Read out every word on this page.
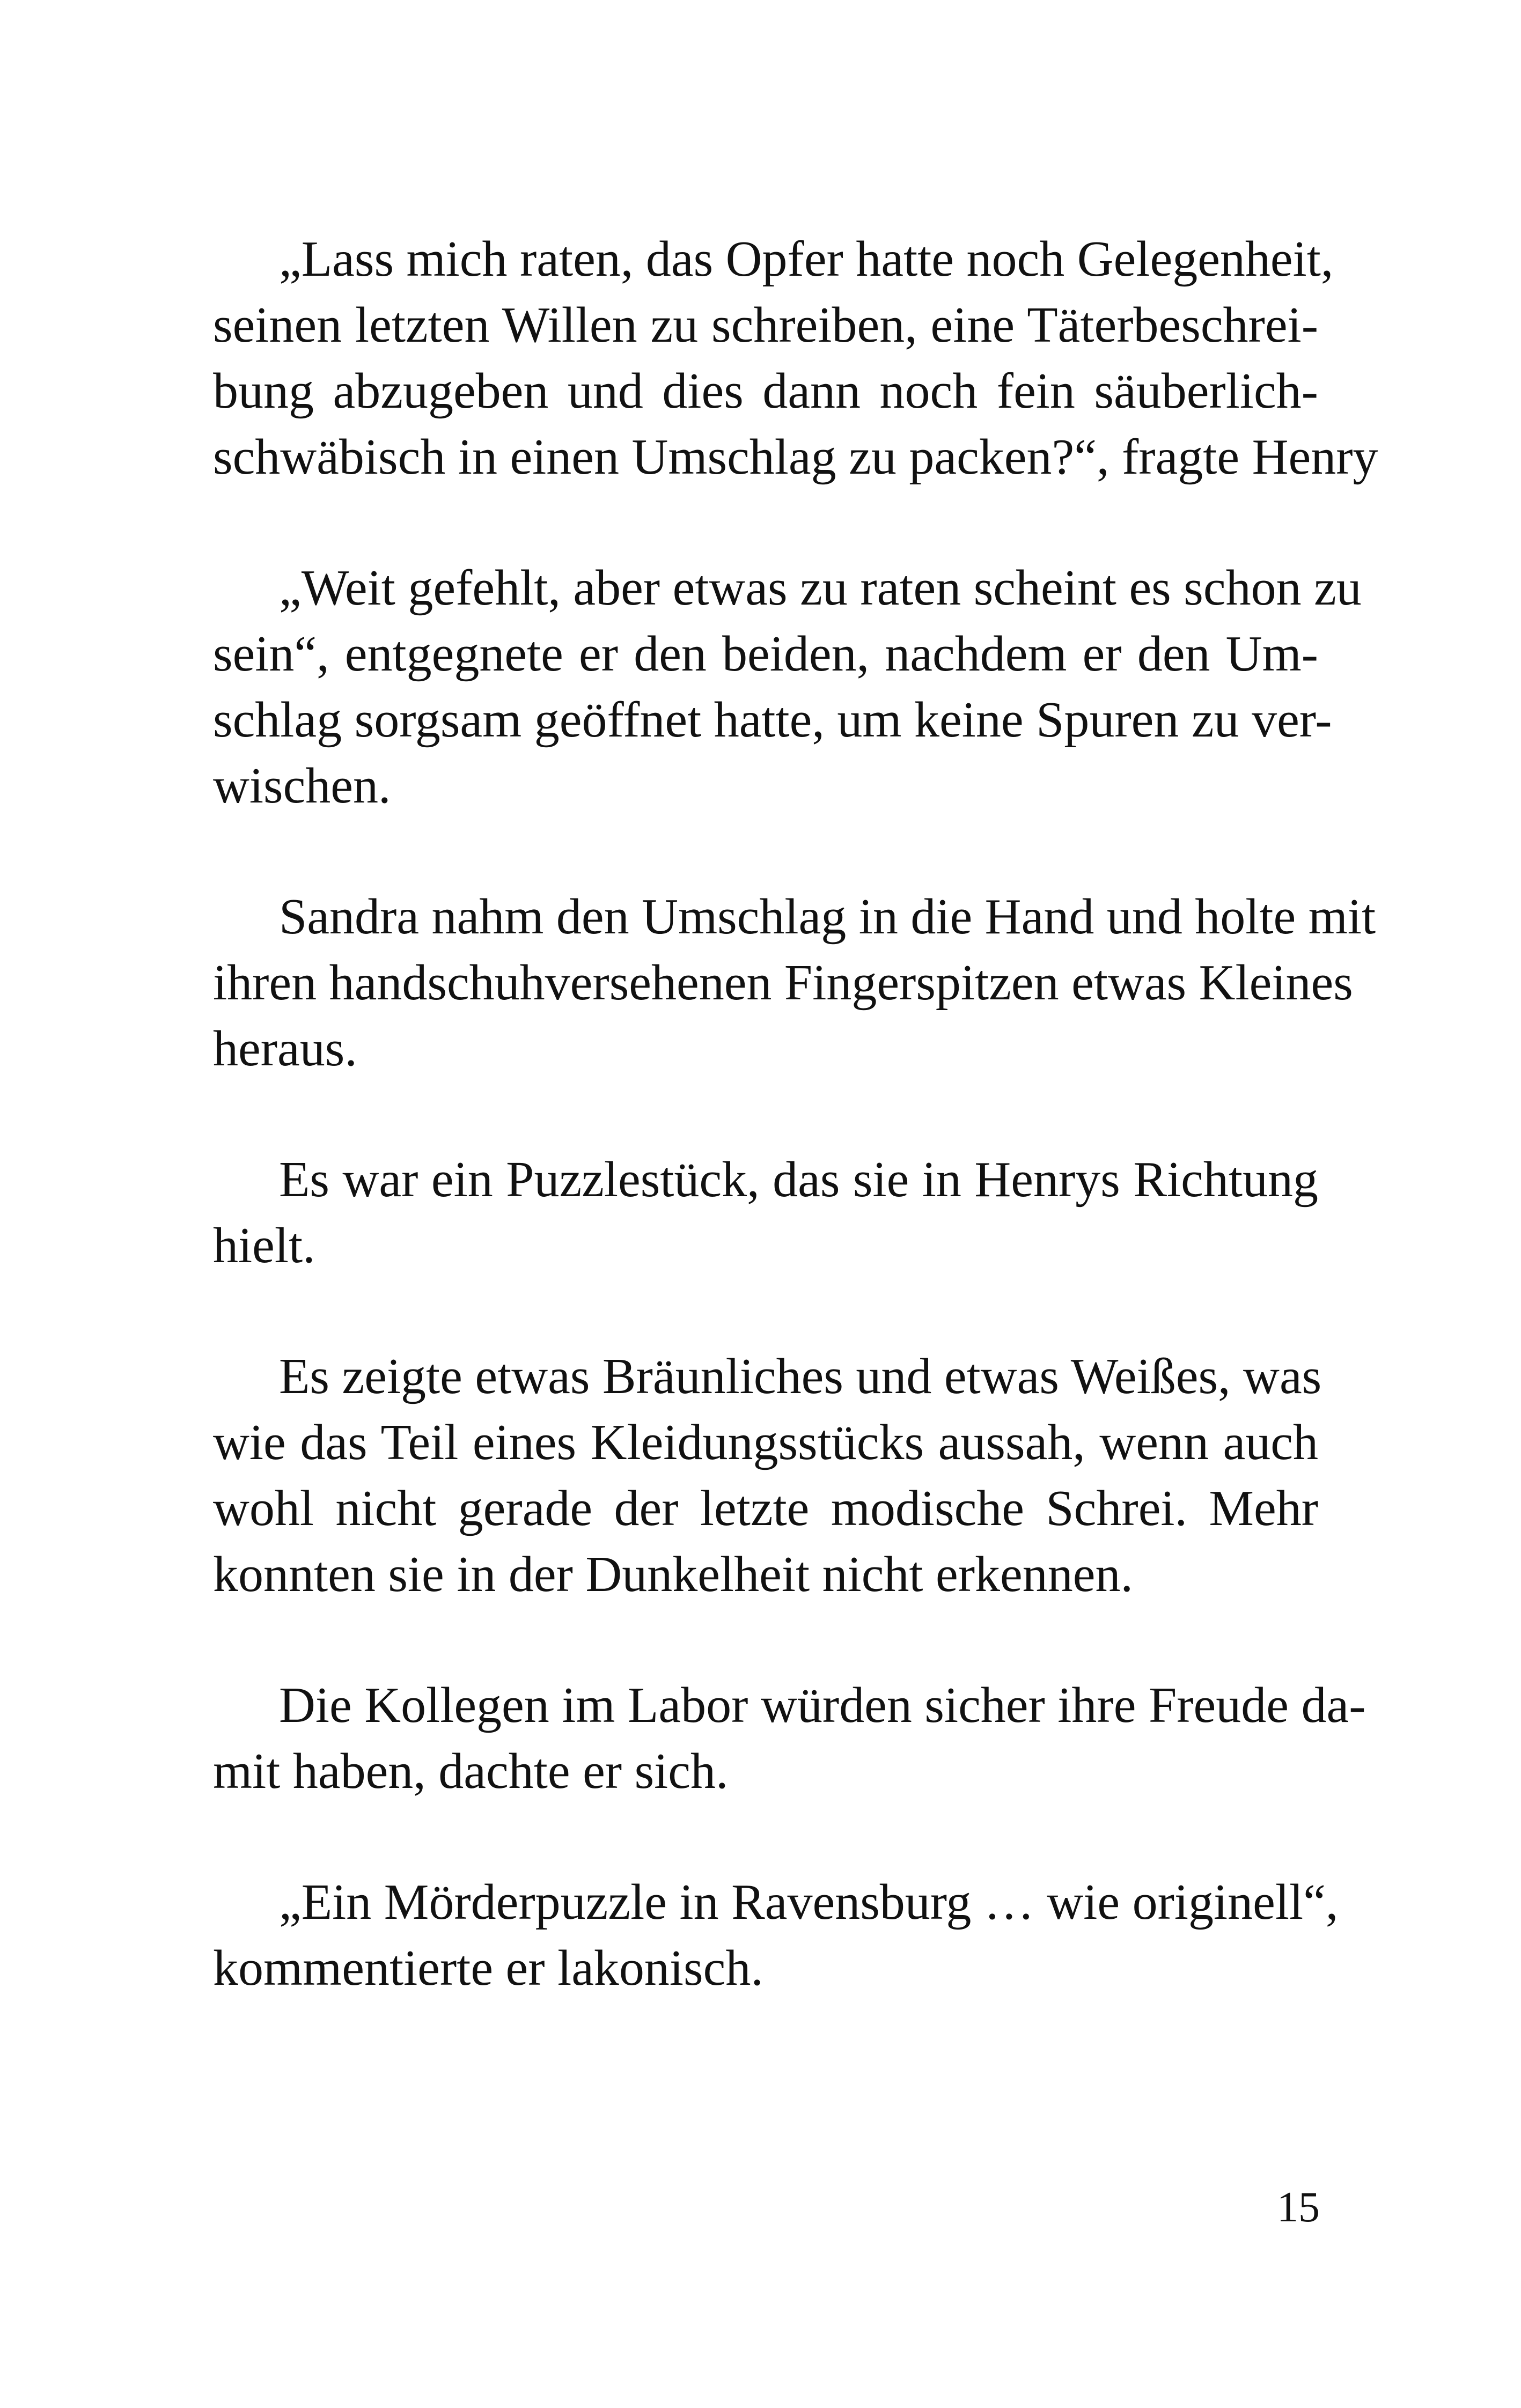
„Lass mich raten, das Opfer hatte noch Gelegenheit,
seinen letzten Willen zu schreiben, eine Täterbeschrei-
bung abzugeben und dies dann noch fein säuberlich-
schwäbisch in einen Umschlag zu packen?“, fragte Henry

„Weit gefehlt, aber etwas zu raten scheint es schon zu
sein“, entgegnete er den beiden, nachdem er den Um-
schlag sorgsam geöffnet hatte, um keine Spuren zu ver-
wischen.

Sandra nahm den Umschlag in die Hand und holte mit
ihren handschuhversehenen Fingerspitzen etwas Kleines
heraus.

Es war ein Puzzlestück, das sie in Henrys Richtung
hielt.

Es zeigte etwas Bräunliches und etwas Weißes, was
wie das Teil eines Kleidungsstücks aussah, wenn auch
wohl nicht gerade der letzte modische Schrei. Mehr
konnten sie in der Dunkelheit nicht erkennen.

Die Kollegen im Labor würden sicher ihre Freude da-
mit haben, dachte er sich.

„Ein Mörderpuzzle in Ravensburg … wie originell“,
kommentierte er lakonisch.

15
